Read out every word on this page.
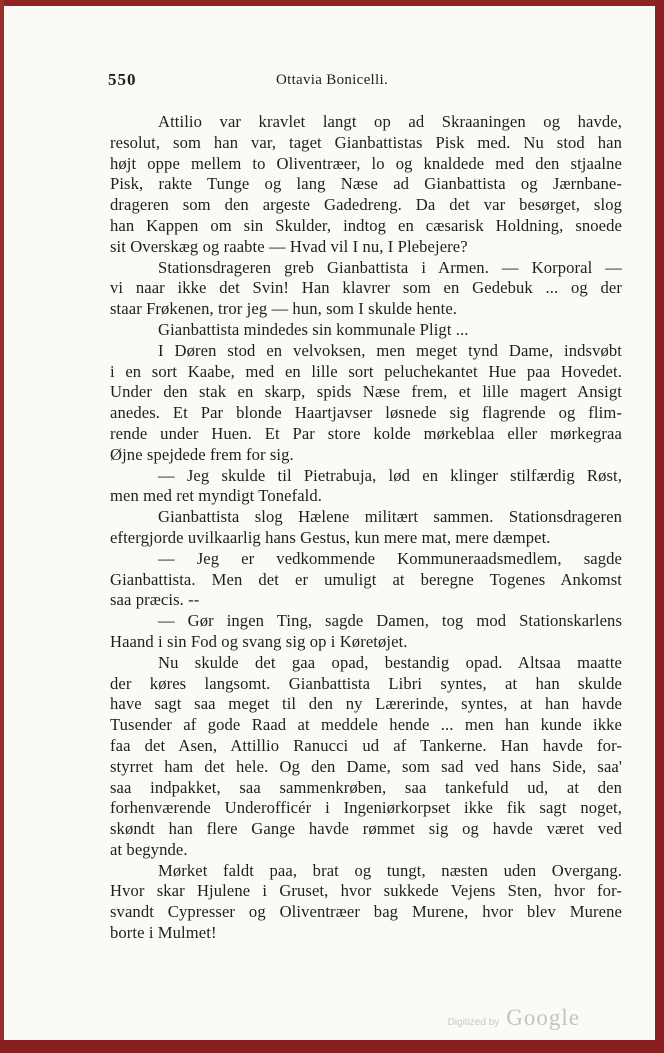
550	Ottavia Bonicelli.
Attilio var kravlet langt op ad Skraaningen og havde,
resolut, som han var, taget Gianbattistas Pisk med. Nu stod han
højt oppe mellem to Oliventræer, lo og knaldede med den stjaalne
Pisk, rakte Tunge og lang Næse ad Gianbattista og Jærnbane-
drageren som den argeste Gadedreng. Da det var besørget, slog
han Kappen om sin Skulder, indtog en cæsarisk Holdning, snoede
sit Overskæg og raabte — Hvad vil I nu, I Plebejere?
Stationsdrageren greb Gianbattista i Armen. — Korporal —
vi naar ikke det Svin! Han klavrer som en Gedebuk ... og der
staar Frøkenen, tror jeg — hun, som I skulde hente.
Gianbattista mindedes sin kommunale Pligt ...
I Døren stod en velvoksen, men meget tynd Dame, indsvøbt
i en sort Kaabe, med en lille sort peluchekantet Hue paa Hovedet.
Under den stak en skarp, spids Næse frem, et lille magert Ansigt
anedes. Et Par blonde Haartjavser løsnede sig flagrende og flim-
rende under Huen. Et Par store kolde mørkeblaa eller mørkegraa
Øjne spejdede frem for sig.
— Jeg skulde til Pietrabuja, lød en klinger stilfærdig Røst,
men med ret myndigt Tonefald.
Gianbattista slog Hælene militært sammen. Stationsdrageren
eftergjorde uvilkaarlig hans Gestus, kun mere mat, mere dæmpet.
— Jeg er vedkommende Kommuneraadsmedlem, sagde
Gianbattista. Men det er umuligt at beregne Togenes Ankomst
saa præcis. --
— Gør ingen Ting, sagde Damen, tog mod Stationskarlens
Haand i sin Fod og svang sig op i Køretøjet.
Nu skulde det gaa opad, bestandig opad. Altsaa maatte
der køres langsomt. Gianbattista Libri syntes, at han skulde
have sagt saa meget til den ny Lærerinde, syntes, at han havde
Tusender af gode Raad at meddele hende ... men han kunde ikke
faa det Asen, Attillio Ranucci ud af Tankerne. Han havde for-
styrret ham det hele. Og den Dame, som sad ved hans Side, saa'
saa indpakket, saa sammenkrøben, saa tankefuld ud, at den
forhenværende Underofficér i Ingeniørkorpset ikke fik sagt noget,
skøndt han flere Gange havde rømmet sig og havde været ved
at begynde.
Mørket faldt paa, brat og tungt, næsten uden Overgang.
Hvor skar Hjulene i Gruset, hvor sukkede Vejens Sten, hvor for-
svandt Cypresser og Oliventræer bag Murene, hvor blev Murene
borte i Mulmet!
Digitized by Google
